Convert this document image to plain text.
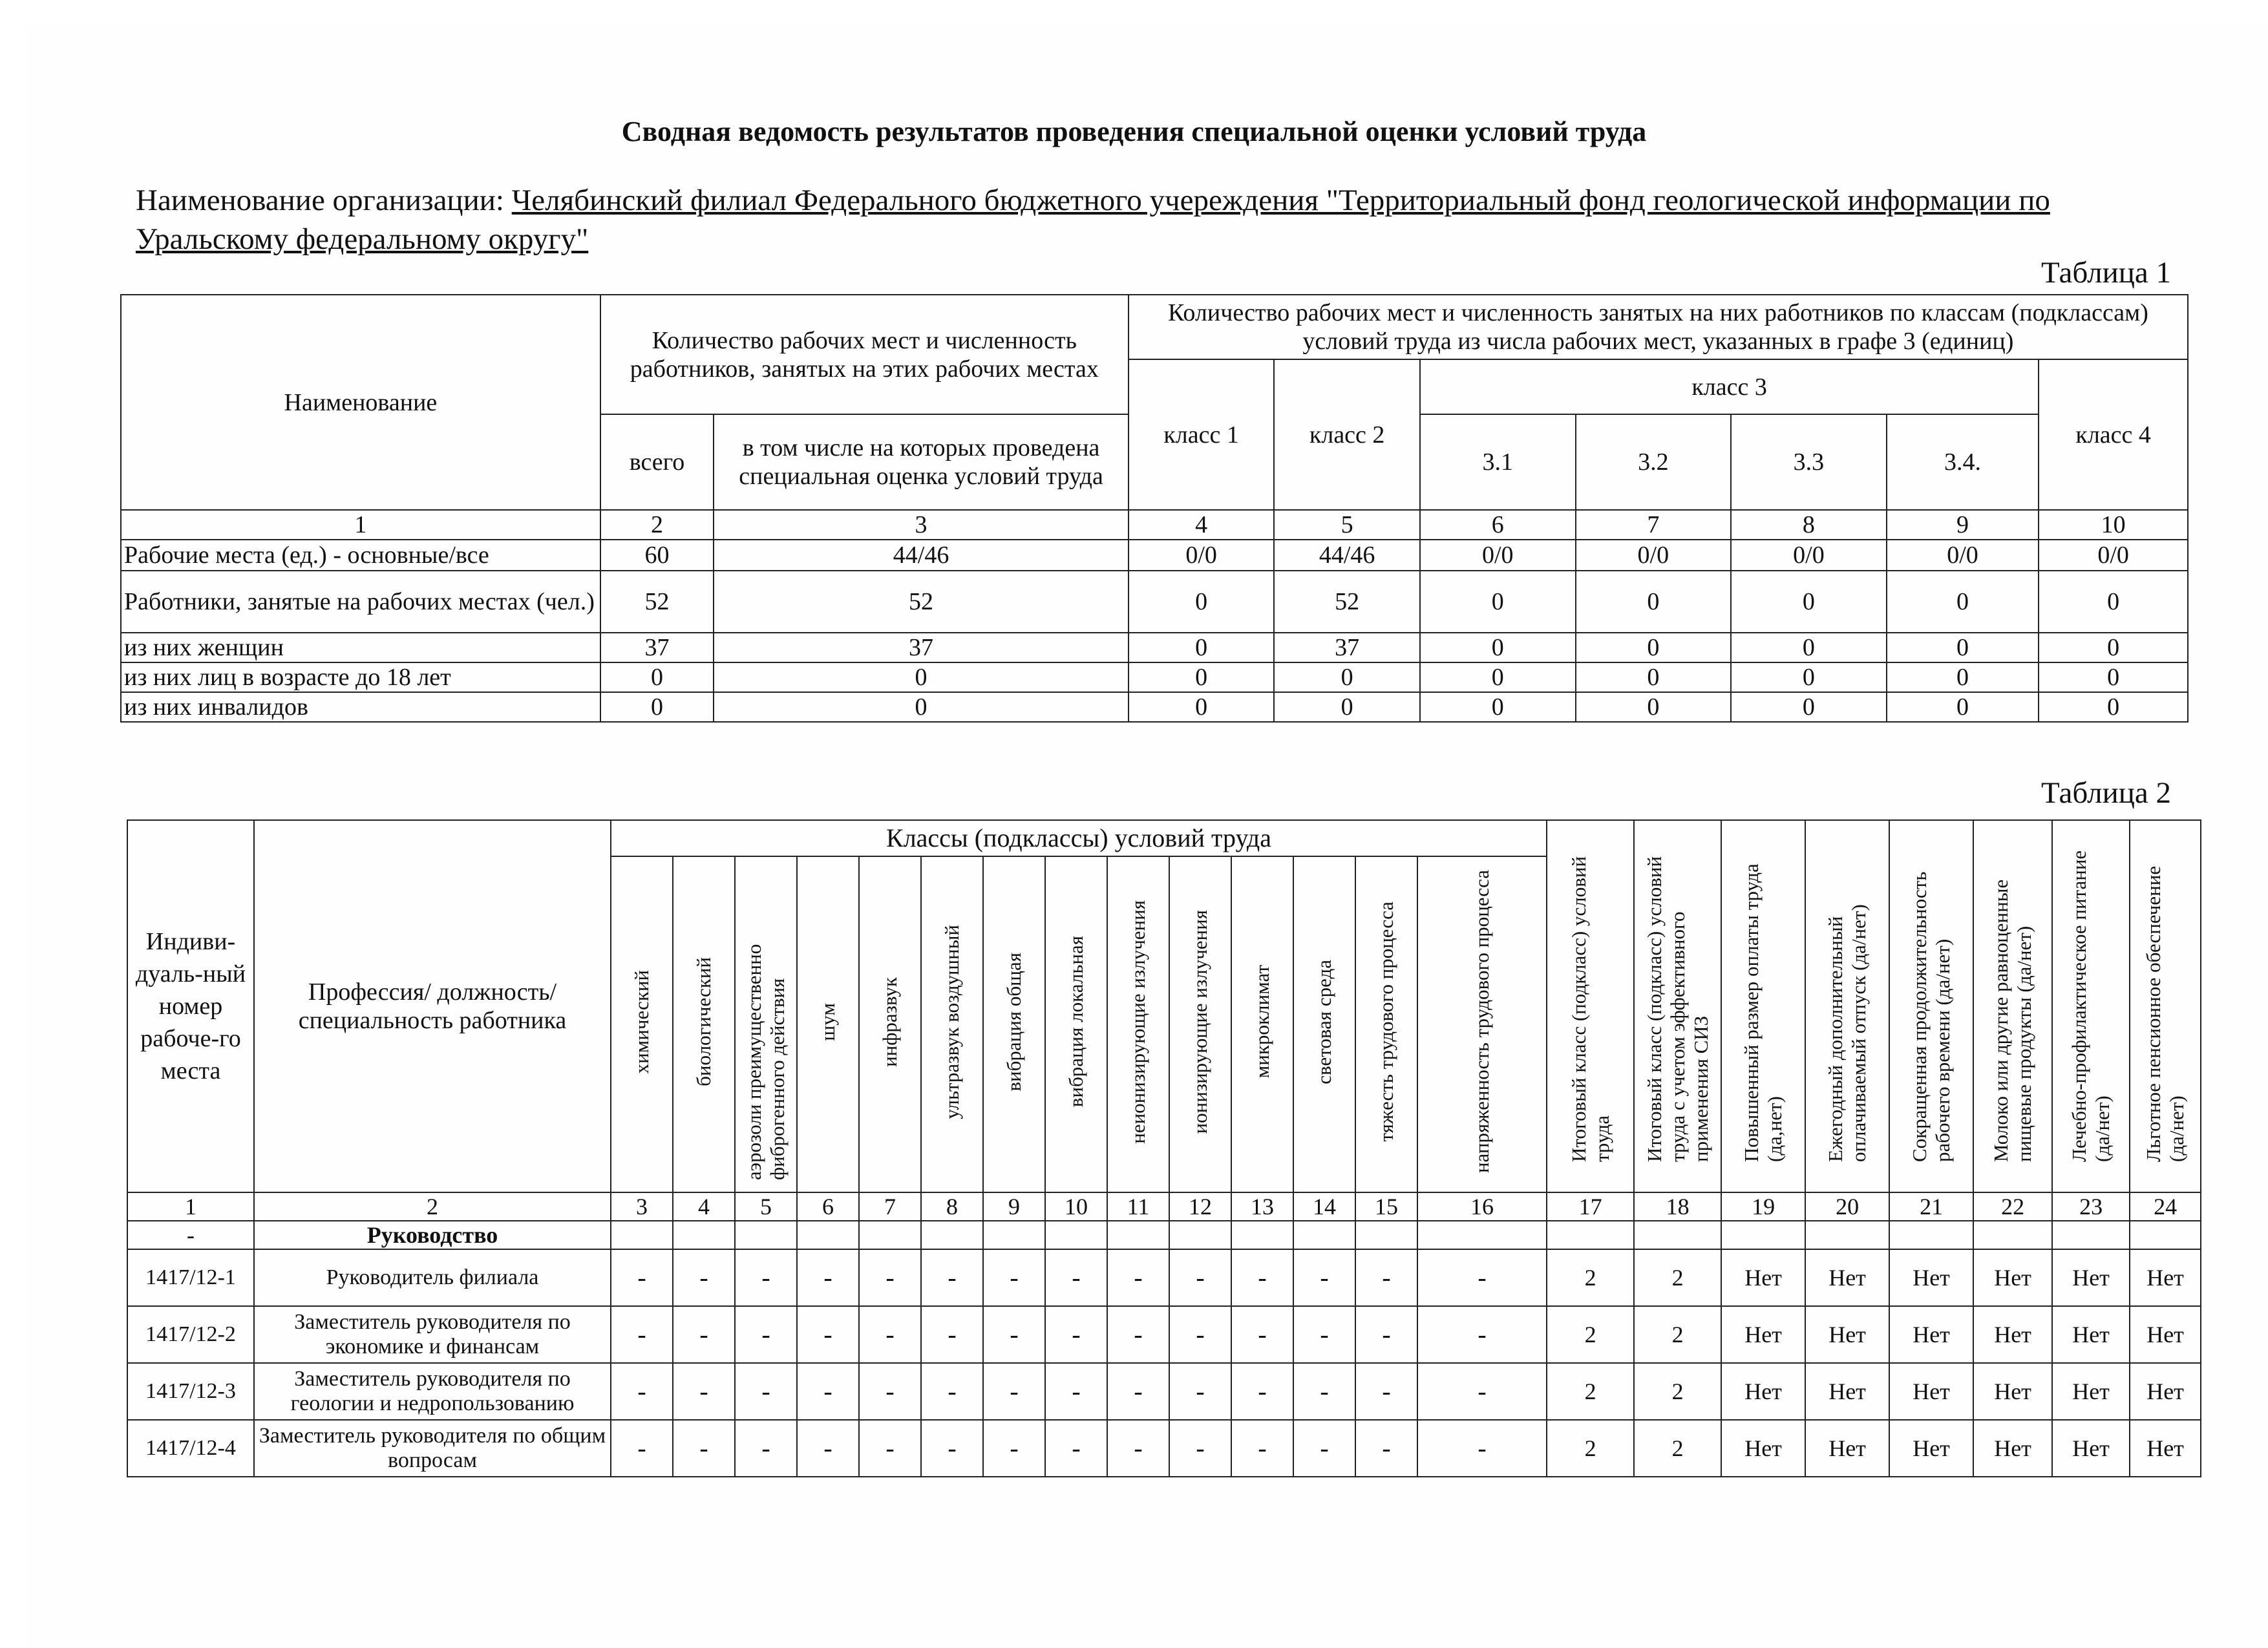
Сводная ведомость результатов проведения специальной оценки условий труда
Наименование организации: Челябинский филиал Федерального бюджетного учереждения "Территориальный фонд геологической информации по Уральскому федеральному округу"
Таблица 1
Наименование	Количество рабочих мест и численность работников, занятых на этих рабочих местах		Количество рабочих мест и численность занятых на них работников по классам (подклассам) условий труда из числа рабочих мест, указанных в графе 3 (единиц)						
			класс 1	класс 2	класс 3				класс 4
	всего	в том числе на которых проведена специальная оценка условий труда			3.1	3.2	3.3	3.4.	
1	2	3	4	5	6	7	8	9	10
Рабочие места (ед.) - основные/все	60	44/46	0/0	44/46	0/0	0/0	0/0	0/0	0/0
Работники, занятые на рабочих местах (чел.)	52	52	0	52	0	0	0	0	0
из них женщин	37	37	0	37	0	0	0	0	0
из них лиц в возрасте до 18 лет	0	0	0	0	0	0	0	0	0
из них инвалидов	0	0	0	0	0	0	0	0	0
Таблица 2
Индиви-дуаль-ный номер рабоче-го места	Профессия/ должность/ специальность работника	Классы (подклассы) условий труда														Итоговый класс (подкласс) условий труда	Итоговый класс (подкласс) условий труда с учетом эффективного применения СИЗ	Повышенный размер оплаты труда (да,нет)	Ежегодный дополнительный оплачиваемый отпуск (да/нет)	Сокращенная продолжительность рабочего времени (да/нет)	Молоко или другие равноценные пищевые продукты (да/нет)	Лечебно-профилактическое питание (да/нет)	Льготное пенсионное обеспечение (да/нет)
		химический	биологический	аэрозоли преимущественно фиброгенного действия	шум	инфразвук	ультразвук воздушный	вибрация общая	вибрация локальная	неионизирующие излучения	ионизирующие излучения	микроклимат	световая среда	тяжесть трудового процесса	напряженность трудового процесса								
1	2	3	4	5	6	7	8	9	10	11	12	13	14	15	16	17	18	19	20	21	22	23	24
-	Руководство																						
1417/12-1	Руководитель филиала	-	-	-	-	-	-	-	-	-	-	-	-	-	-	2	2	Нет	Нет	Нет	Нет	Нет	Нет
1417/12-2	Заместитель руководителя по экономике и финансам	-	-	-	-	-	-	-	-	-	-	-	-	-	-	2	2	Нет	Нет	Нет	Нет	Нет	Нет
1417/12-3	Заместитель руководителя по геологии и недропользованию	-	-	-	-	-	-	-	-	-	-	-	-	-	-	2	2	Нет	Нет	Нет	Нет	Нет	Нет
1417/12-4	Заместитель руководителя по общим вопросам	-	-	-	-	-	-	-	-	-	-	-	-	-	-	2	2	Нет	Нет	Нет	Нет	Нет	Нет
